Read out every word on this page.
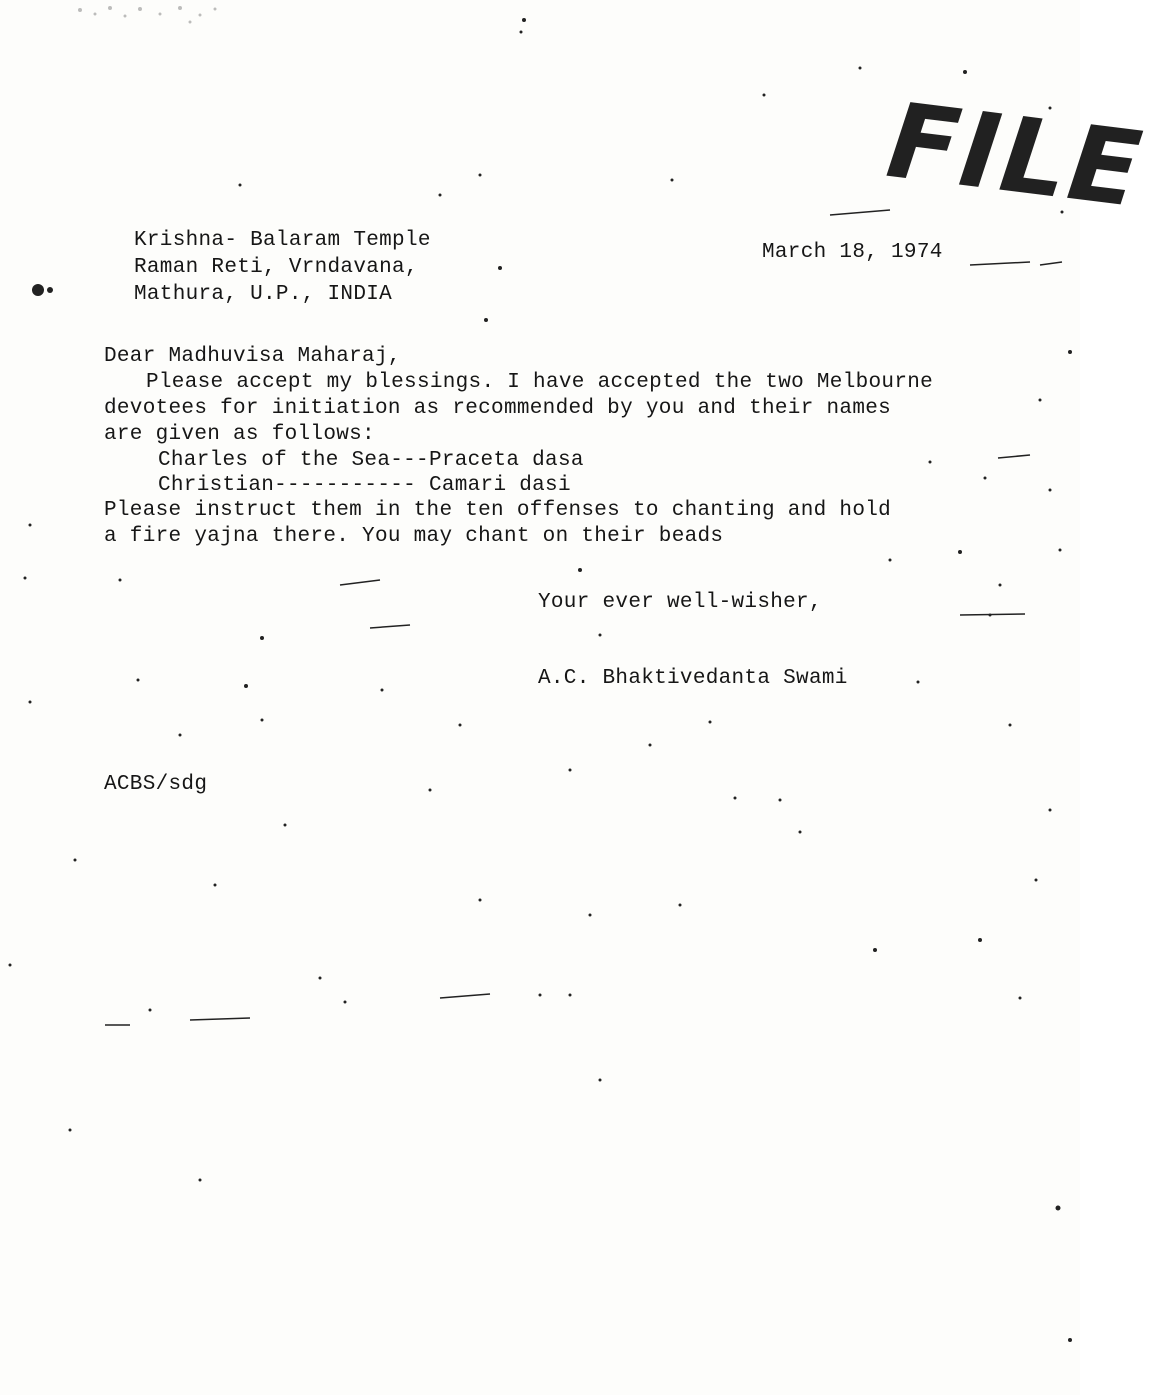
FILE
Krishna- Balaram Temple
Raman Reti, Vrndavana,
Mathura, U.P., INDIA
March 18, 1974
Dear Madhuvisa Maharaj,
Please accept my blessings. I have accepted the two Melbourne
devotees for initiation as recommended by you and their names
are given as follows:
Charles of the Sea---Praceta dasa
Christian----------- Camari dasi
Please instruct them in the ten offenses to chanting and hold
a fire yajna there. You may chant on their beads
Your ever well-wisher,
A.C. Bhaktivedanta Swami
ACBS/sdg
